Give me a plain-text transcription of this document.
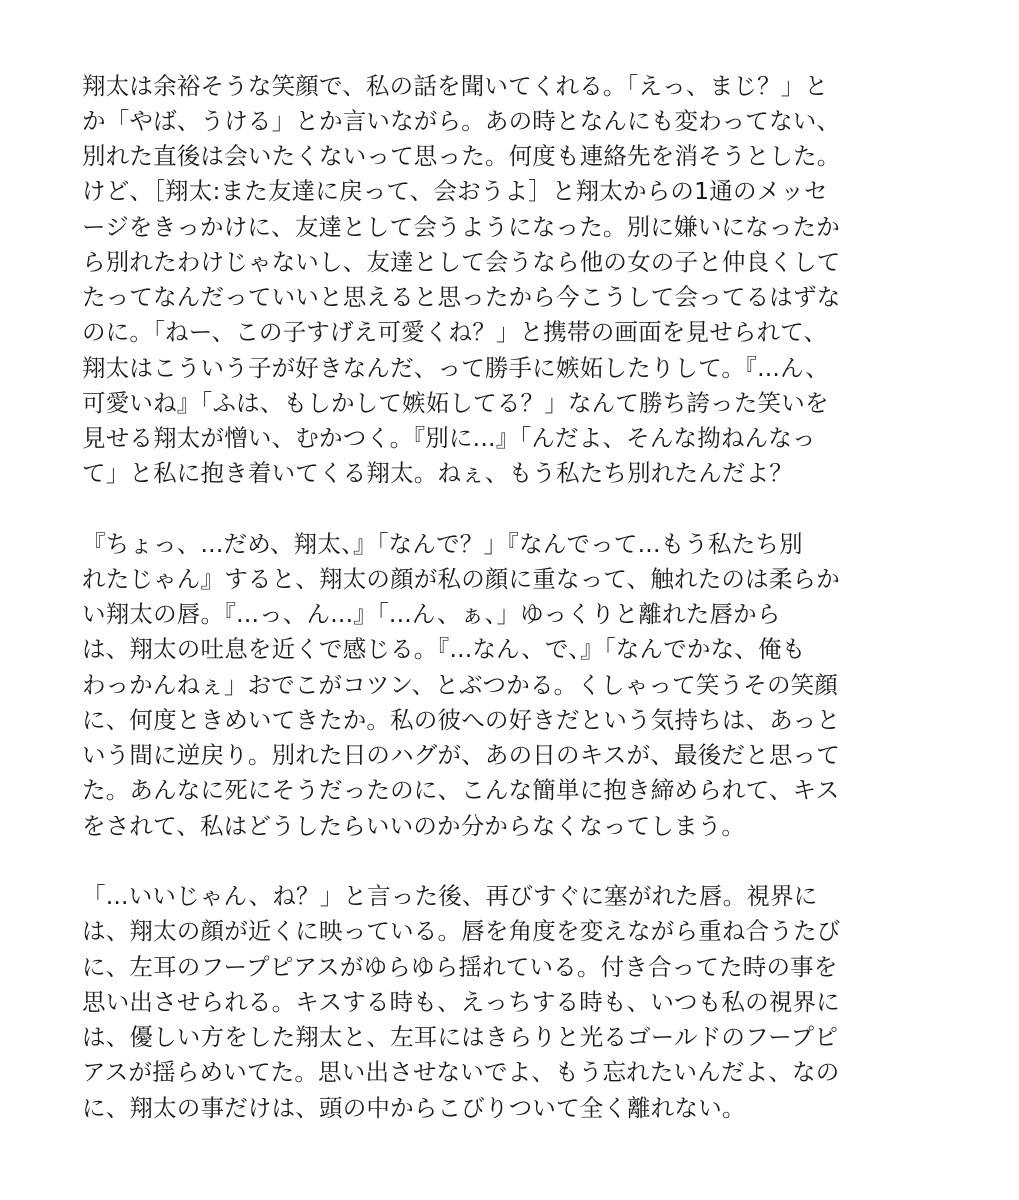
翔太は余裕そうな笑顔で、私の話を聞いてくれる。「えっ、まじ？」と

か「やば、うける」とか言いながら。あの時となんにも変わってない、

別れた直後は会いたくないって思った。何度も連絡先を消そうとした。

けど、［翔太:また友達に戻って、会おうよ］と翔太からの1通のメッセ

ージをきっかけに、友達として会うようになった。別に嫌いになったか

ら別れたわけじゃないし、友達として会うなら他の女の子と仲良くして

たってなんだっていいと思えると思ったから今こうして会ってるはずな

のに。「ねー、この子すげえ可愛くね？」と携帯の画面を見せられて、

翔太はこういう子が好きなんだ、って勝手に嫉妬したりして。『...ん、

可愛いね』「ふは、もしかして嫉妬してる？」なんて勝ち誇った笑いを

見せる翔太が憎い、むかつく。『別に...』「んだよ、そんな拗ねんなっ

て」と私に抱き着いてくる翔太。ねぇ、もう私たち別れたんだよ？

『ちょっ、...だめ、翔太、』「なんで？」『なんでって...もう私たち別

れたじゃん』すると、翔太の顔が私の顔に重なって、触れたのは柔らか

い翔太の唇。『...っ、ん...』「...ん、ぁ、」ゆっくりと離れた唇から

は、翔太の吐息を近くで感じる。『...なん、で、』「なんでかな、俺も

わっかんねぇ」おでこがコツン、とぶつかる。くしゃって笑うその笑顔

に、何度ときめいてきたか。私の彼への好きだという気持ちは、あっと

いう間に逆戻り。別れた日のハグが、あの日のキスが、最後だと思って

た。あんなに死にそうだったのに、こんな簡単に抱き締められて、キス

をされて、私はどうしたらいいのか分からなくなってしまう。

「...いいじゃん、ね？」と言った後、再びすぐに塞がれた唇。視界に

は、翔太の顔が近くに映っている。唇を角度を変えながら重ね合うたび

に、左耳のフープピアスがゆらゆら揺れている。付き合ってた時の事を

思い出させられる。キスする時も、えっちする時も、いつも私の視界に

は、優しい方をした翔太と、左耳にはきらりと光るゴールドのフープピ

アスが揺らめいてた。思い出させないでよ、もう忘れたいんだよ、なの

に、翔太の事だけは、頭の中からこびりついて全く離れない。
